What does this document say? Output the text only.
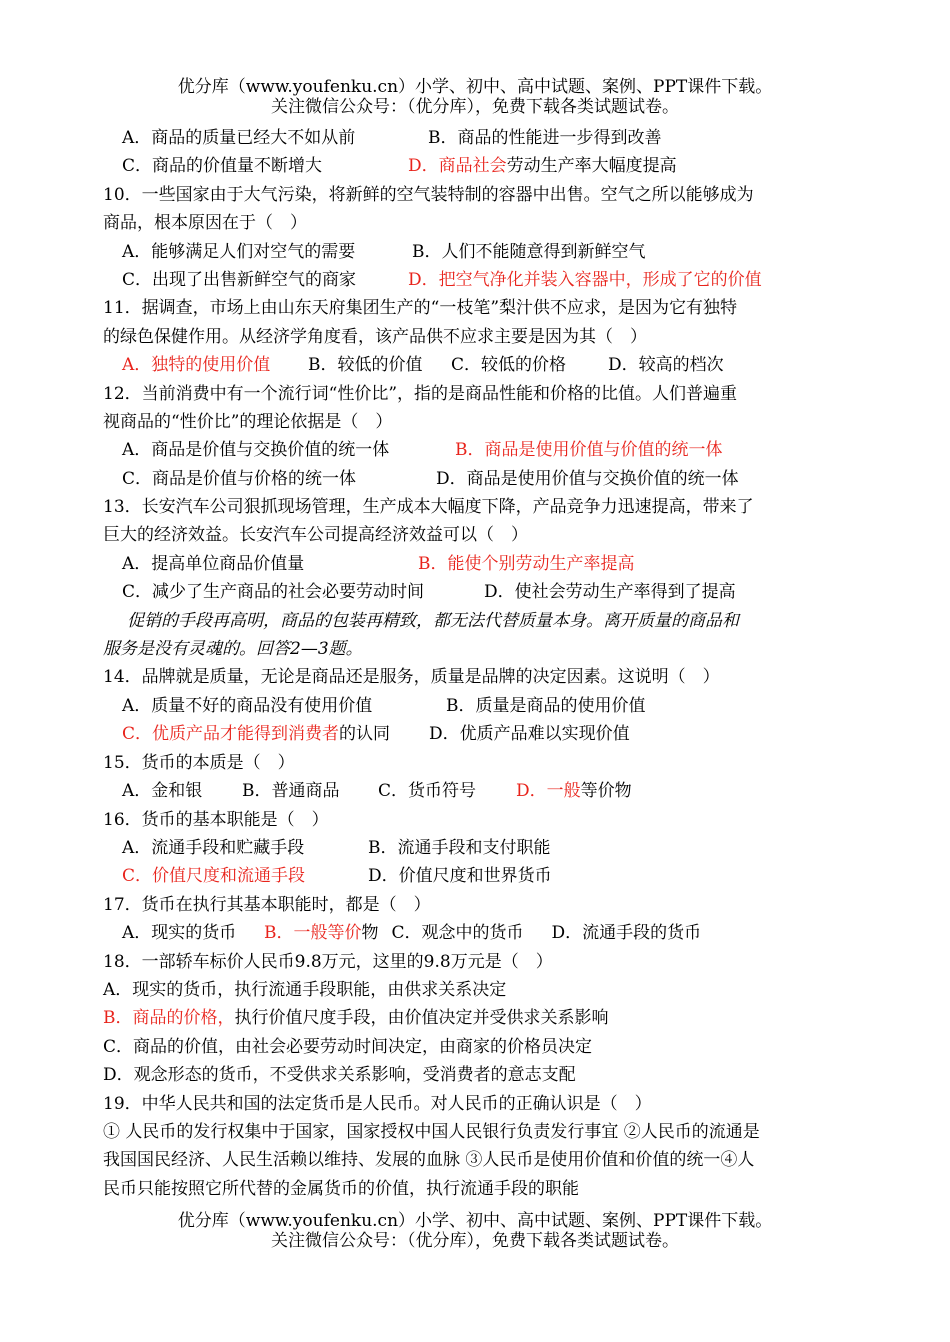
优分库（www.youfenku.cn）小学、初中、高中试题、案例、PPT课件下载。
关注微信公众号：（优分库），免费下载各类试题试卷。
A．商品的质量已经大不如从前	B．商品的性能进一步得到改善
C．商品的价值量不断增大	D．商品社会劳动生产率大幅度提高
10．一些国家由于大气污染，将新鲜的空气装特制的容器中出售。空气之所以能够成为
商品，根本原因在于（　）
A．能够满足人们对空气的需要	B．人们不能随意得到新鲜空气
C．出现了出售新鲜空气的商家	D．把空气净化并装入容器中，形成了它的价值
11．据调查，市场上由山东天府集团生产的“一枝笔”梨汁供不应求，是因为它有独特
的绿色保健作用。从经济学角度看，该产品供不应求主要是因为其（　）
A．独特的使用价值 B．较低的价值 C．较低的价格 D．较高的档次
12．当前消费中有一个流行词“性价比”，指的是商品性能和价格的比值。人们普遍重
视商品的“性价比”的理论依据是（　）
A．商品是价值与交换价值的统一体	B．商品是使用价值与价值的统一体
C．商品是价值与价格的统一体	D．商品是使用价值与交换价值的统一体
13．长安汽车公司狠抓现场管理，生产成本大幅度下降，产品竞争力迅速提高，带来了
巨大的经济效益。长安汽车公司提高经济效益可以（　）
A．提高单位商品价值量	B．能使个别劳动生产率提高
C．减少了生产商品的社会必要劳动时间	D．使社会劳动生产率得到了提高
促销的手段再高明，商品的包装再精致，都无法代替质量本身。离开质量的商品和
服务是没有灵魂的。回答2—3题。
14．品牌就是质量，无论是商品还是服务，质量是品牌的决定因素。这说明（　）
A．质量不好的商品没有使用价值	B．质量是商品的使用价值
C．优质产品才能得到消费者的认同 D．优质产品难以实现价值
15．货币的本质是（　）
A．金和银 B．普通商品 C．货币符号 D．一般等价物
16．货币的基本职能是（　）
A．流通手段和贮藏手段	B．流通手段和支付职能
C．价值尺度和流通手段	D．价值尺度和世界货币
17．货币在执行其基本职能时，都是（　）
A．现实的货币 B．一般等价物 C．观念中的货币 D．流通手段的货币
18．一部轿车标价人民币9.8万元，这里的9.8万元是（　）
A．现实的货币，执行流通手段职能，由供求关系决定
B．商品的价格，执行价值尺度手段，由价值决定并受供求关系影响
C．商品的价值，由社会必要劳动时间决定，由商家的价格员决定
D．观念形态的货币，不受供求关系影响，受消费者的意志支配
19．中华人民共和国的法定货币是人民币。对人民币的正确认识是（　）
① 人民币的发行权集中于国家，国家授权中国人民银行负责发行事宜 ②人民币的流通是
我国国民经济、人民生活赖以维持、发展的血脉 ③人民币是使用价值和价值的统一④人
民币只能按照它所代替的金属货币的价值，执行流通手段的职能
优分库（www.youfenku.cn）小学、初中、高中试题、案例、PPT课件下载。
关注微信公众号：（优分库），免费下载各类试题试卷。
